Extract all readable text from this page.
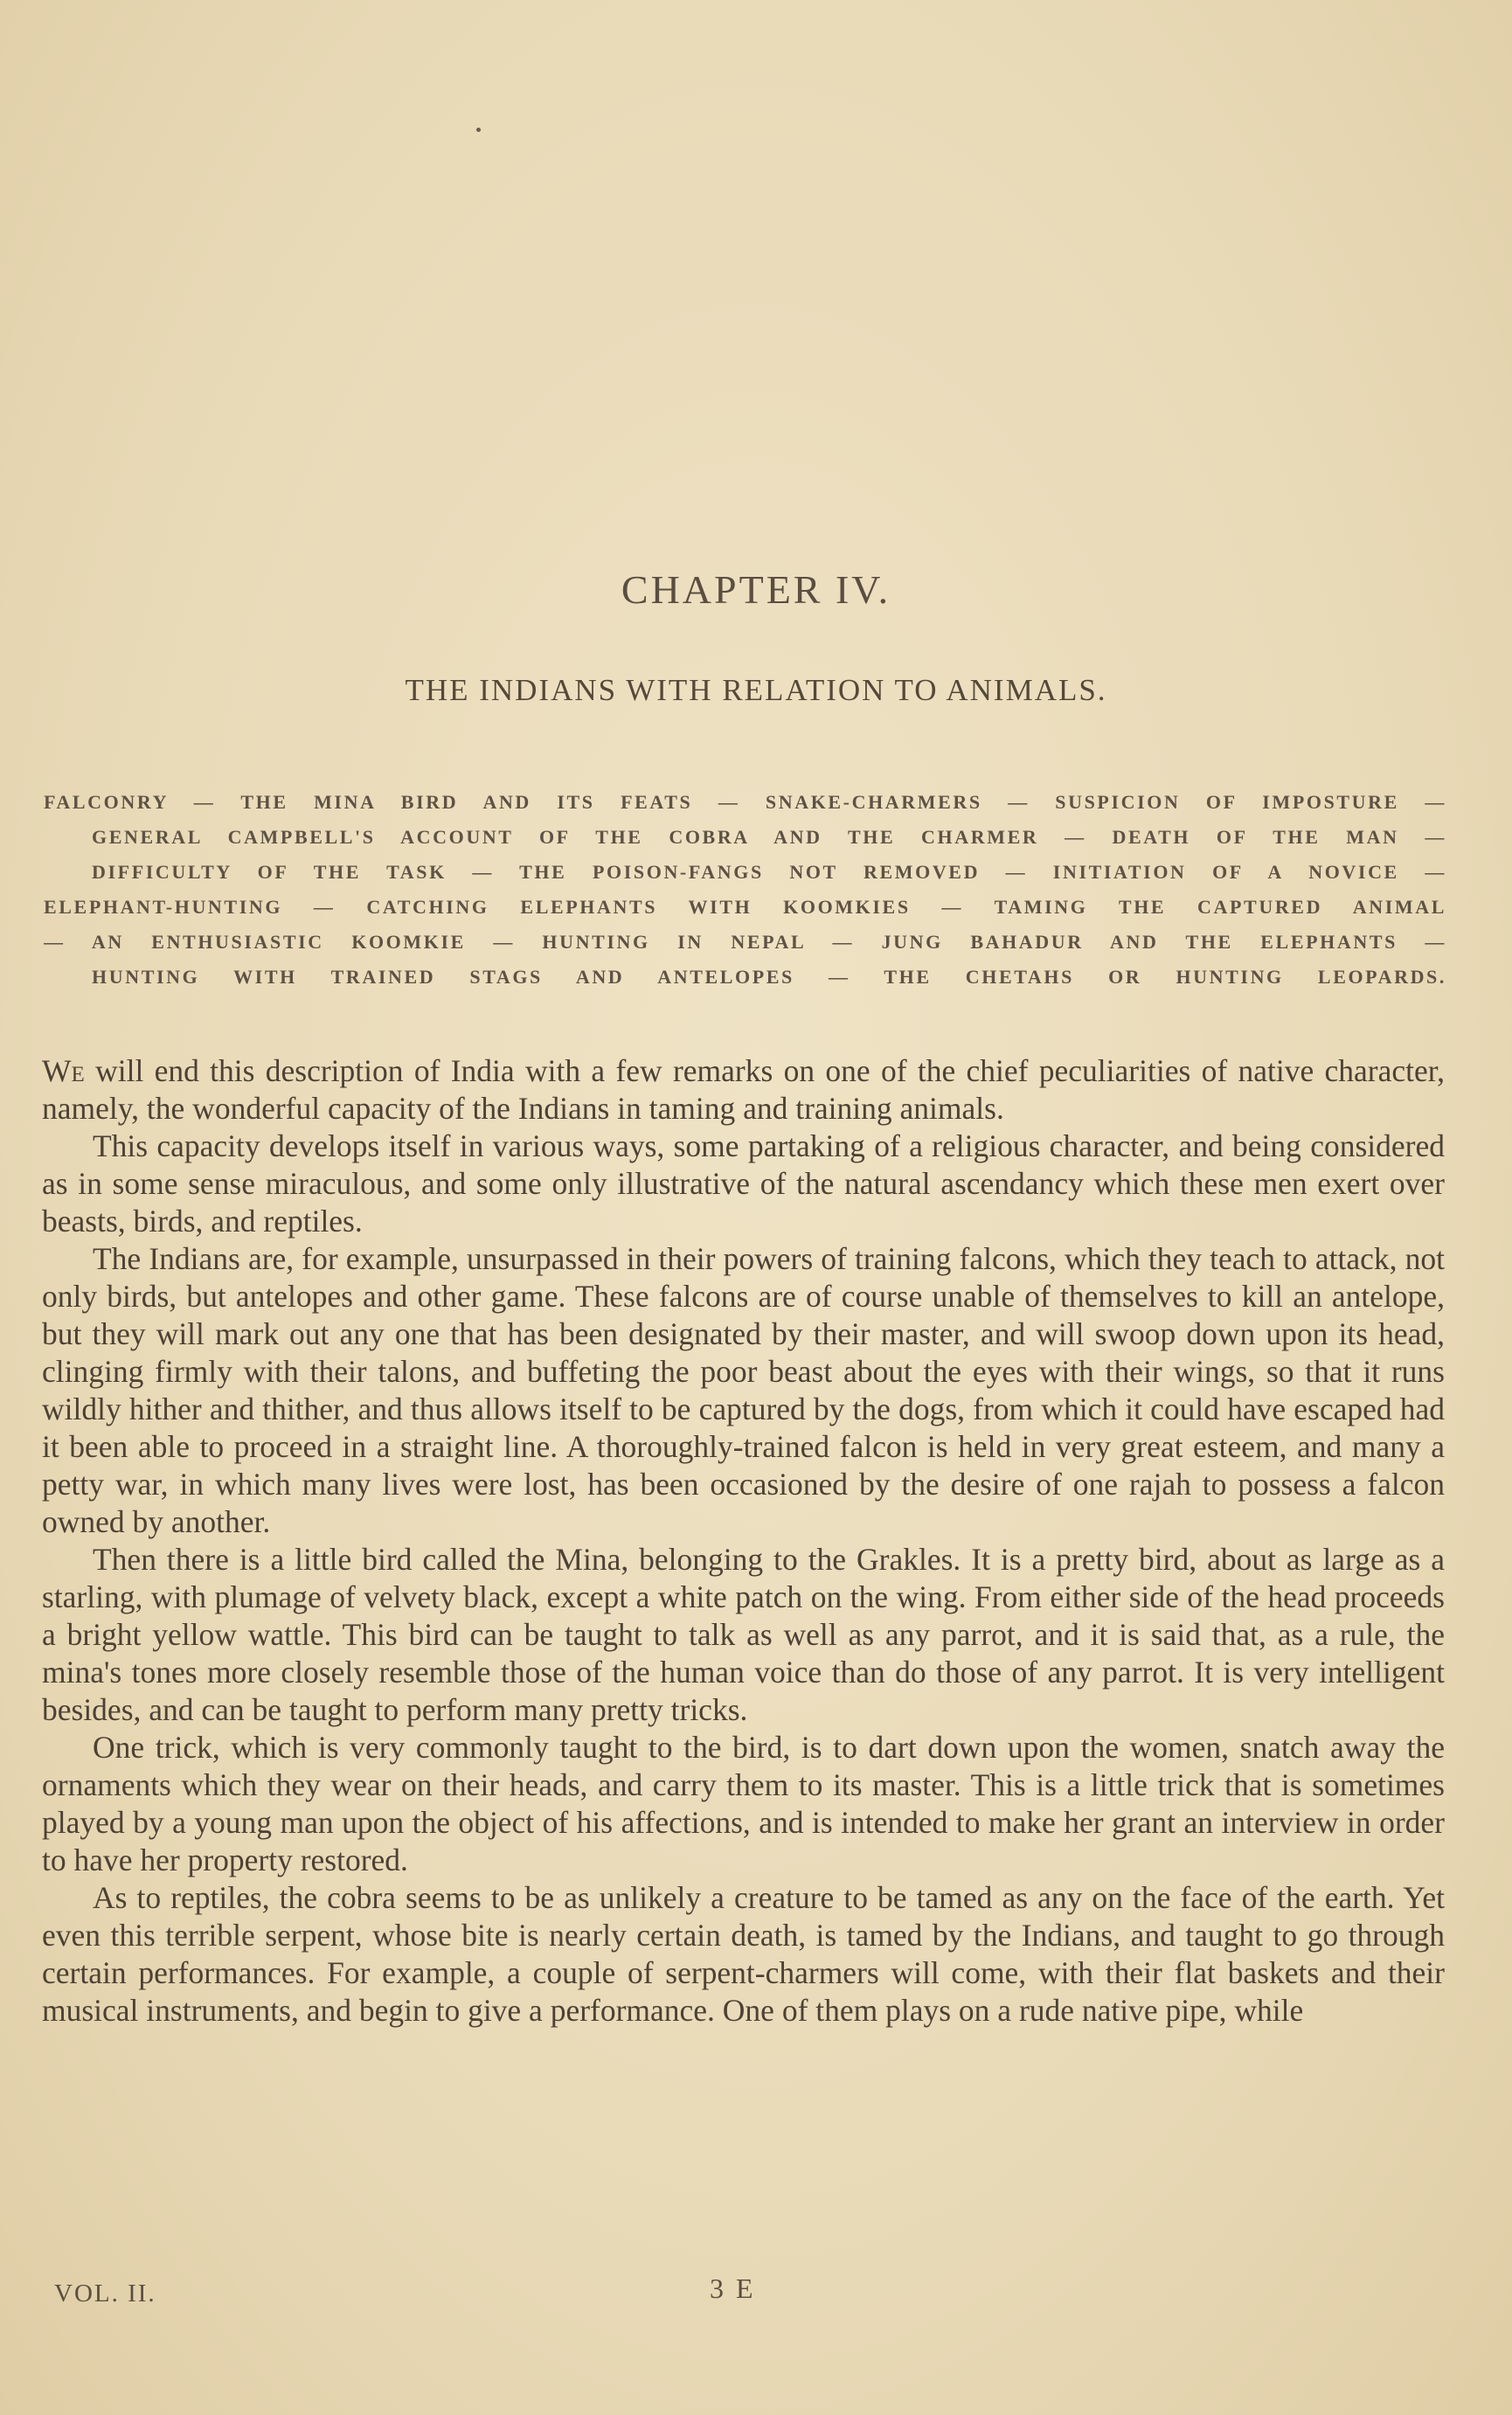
CHAPTER IV.
THE INDIANS WITH RELATION TO ANIMALS.
FALCONRY — THE MINA BIRD AND ITS FEATS — SNAKE-CHARMERS — SUSPICION OF IMPOSTURE —
GENERAL CAMPBELL'S ACCOUNT OF THE COBRA AND THE CHARMER — DEATH OF THE MAN —
DIFFICULTY OF THE TASK — THE POISON-FANGS NOT REMOVED — INITIATION OF A NOVICE —
ELEPHANT-HUNTING — CATCHING ELEPHANTS WITH KOOMKIES — TAMING THE CAPTURED ANIMAL
— AN ENTHUSIASTIC KOOMKIE — HUNTING IN NEPAL — JUNG BAHADUR AND THE ELEPHANTS —
HUNTING WITH TRAINED STAGS AND ANTELOPES — THE CHETAHS OR HUNTING LEOPARDS.

We will end this description of India with a few remarks on one of the chief peculiarities of native character, namely, the wonderful capacity of the Indians in taming and training animals.

This capacity develops itself in various ways, some partaking of a religious character, and being considered as in some sense miraculous, and some only illustrative of the natural ascendancy which these men exert over beasts, birds, and reptiles.

The Indians are, for example, unsurpassed in their powers of training falcons, which they teach to attack, not only birds, but antelopes and other game. These falcons are of course unable of themselves to kill an antelope, but they will mark out any one that has been designated by their master, and will swoop down upon its head, clinging firmly with their talons, and buffeting the poor beast about the eyes with their wings, so that it runs wildly hither and thither, and thus allows itself to be captured by the dogs, from which it could have escaped had it been able to proceed in a straight line. A thoroughly-trained falcon is held in very great esteem, and many a petty war, in which many lives were lost, has been occasioned by the desire of one rajah to possess a falcon owned by another.

Then there is a little bird called the Mina, belonging to the Grakles. It is a pretty bird, about as large as a starling, with plumage of velvety black, except a white patch on the wing. From either side of the head proceeds a bright yellow wattle. This bird can be taught to talk as well as any parrot, and it is said that, as a rule, the mina's tones more closely resemble those of the human voice than do those of any parrot. It is very intelligent besides, and can be taught to perform many pretty tricks.

One trick, which is very commonly taught to the bird, is to dart down upon the women, snatch away the ornaments which they wear on their heads, and carry them to its master. This is a little trick that is sometimes played by a young man upon the object of his affections, and is intended to make her grant an interview in order to have her property restored.

As to reptiles, the cobra seems to be as unlikely a creature to be tamed as any on the face of the earth. Yet even this terrible serpent, whose bite is nearly certain death, is tamed by the Indians, and taught to go through certain performances. For example, a couple of serpent-charmers will come, with their flat baskets and their musical instruments, and begin to give a performance. One of them plays on a rude native pipe, while

VOL. II.	3 E
